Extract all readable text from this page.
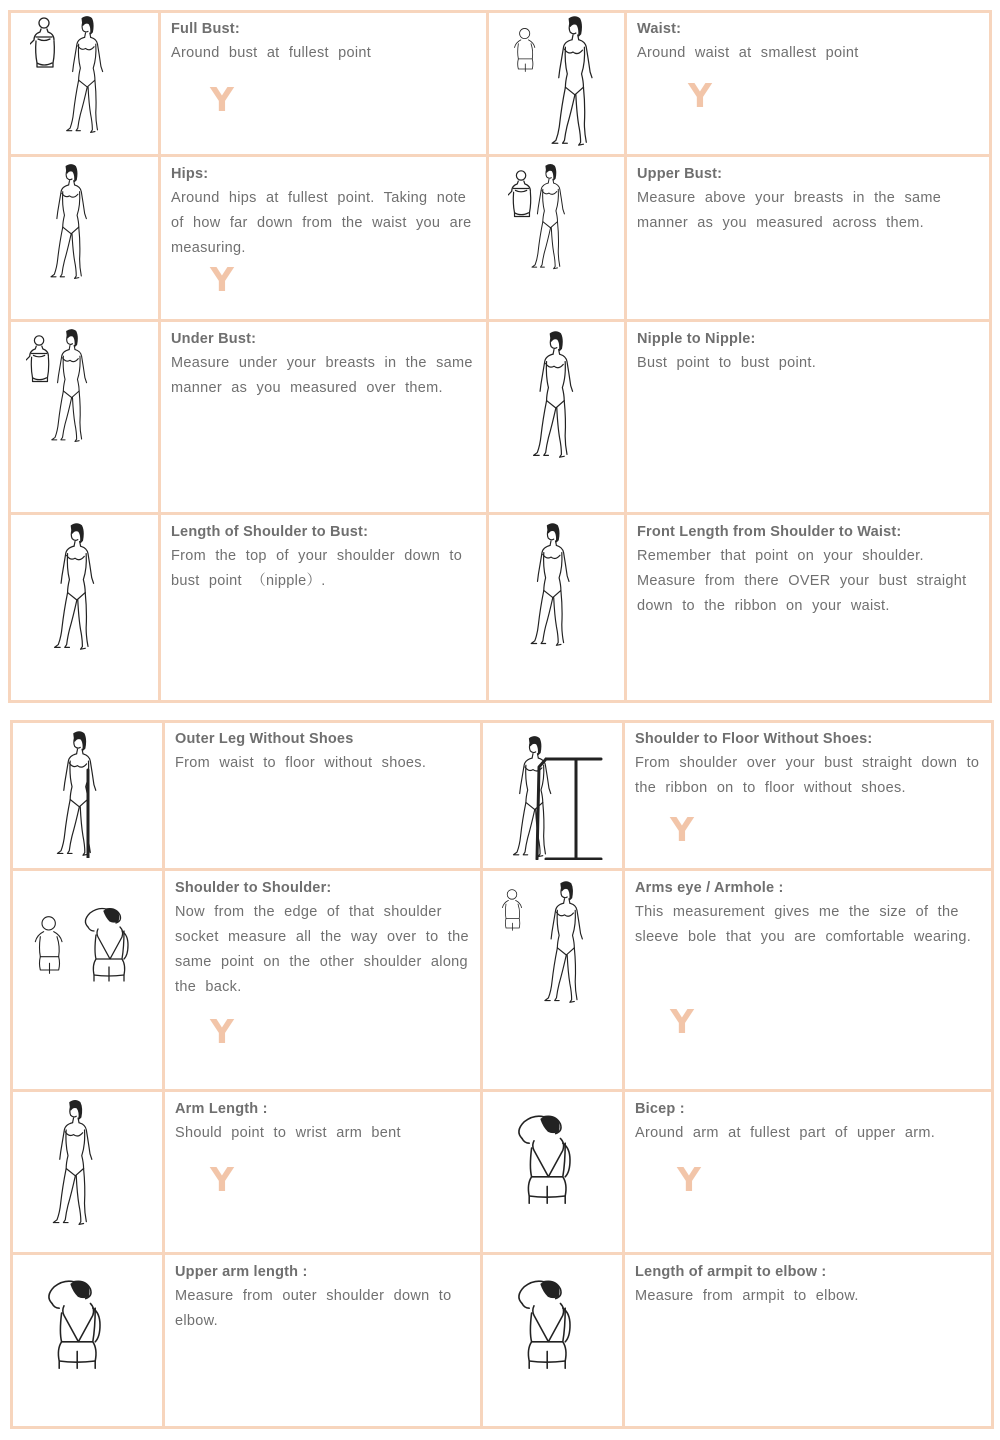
Full Bust:
Around bust at fullest point
Y
Waist:
Around waist at smallest point
Y
Hips:
Around hips at fullest point. Taking note of how far down from the waist you are measuring.
Y
Upper Bust:
Measure above your breasts in the same manner as you measured across them.
Under Bust:
Measure under your breasts in the same manner as you measured over them.
Nipple to Nipple:
Bust point to bust point.
Length of Shoulder to Bust:
From the top of your shoulder down to bust point （nipple）.
Front Length from Shoulder to Waist:
Remember that point on your shoulder. Measure from there OVER your bust straight down to the ribbon on your waist.
Outer Leg Without Shoes
From waist to floor without shoes.
Shoulder to Floor Without Shoes:
From shoulder over your bust straight down to the ribbon on to floor without shoes.
Y
Shoulder to Shoulder:
Now from the edge of that shoulder socket measure all the way over to the same point on the other shoulder along the back.
Y
Arms eye / Armhole :
This measurement gives me the size of the sleeve bole that you are comfortable wearing.
Y
Arm Length :
Should point to wrist arm bent
Y
Bicep :
Around arm at fullest part of upper arm.
Y
Upper arm length :
Measure from outer shoulder down to elbow.
Length of armpit to elbow :
Measure from armpit to elbow.
